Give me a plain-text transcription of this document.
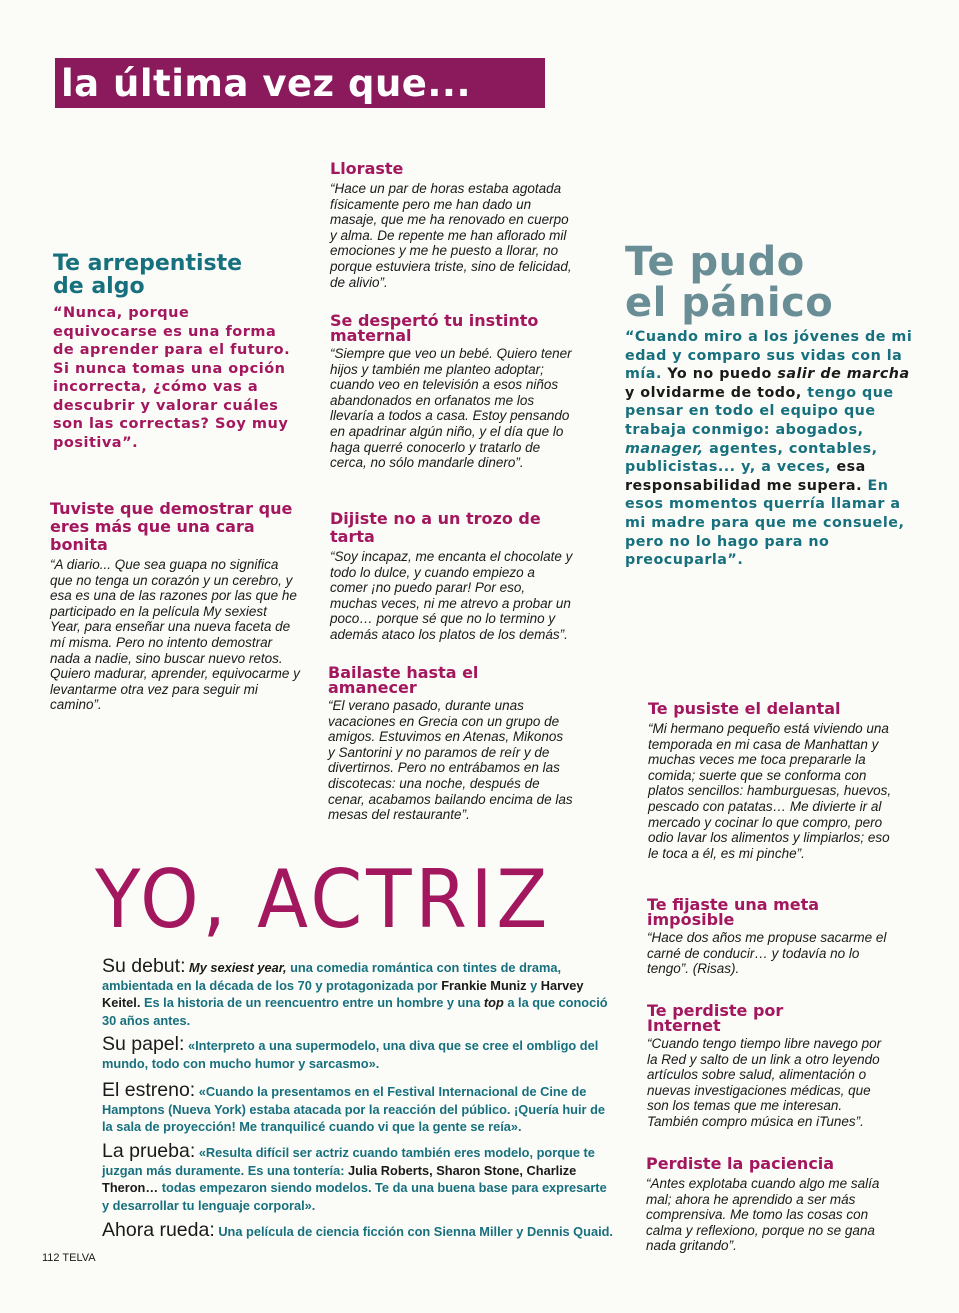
la última vez que...

Lloraste

“Hace un par de horas estaba agotada físicamente pero me han dado un masaje, que me ha renovado en cuerpo y alma. De repente me han aflorado mil emociones y me he puesto a llorar, no porque estuviera triste, sino de felicidad, de alivio”.

Te arrepentiste

de algo

“Nunca, porque equivocarse es una forma de aprender para el futuro. Si nunca tomas una opción incorrecta, ¿cómo vas a descubrir y valorar cuáles son las correctas? Soy muy positiva”.

Se despertó tu instinto maternal

“Siempre que veo un bebé. Quiero tener hijos y también me planteo adoptar; cuando veo en televisión a esos niños abandonados en orfanatos me los llevaría a todos a casa. Estoy pensando en apadrinar algún niño, y el día que lo haga querré conocerlo y tratarlo de cerca, no sólo mandarle dinero”.

Tuviste que demostrar que eres más que una cara bonita

“A diario... Que sea guapa no significa que no tenga un corazón y un cerebro, y esa es una de las razones por las que he participado en la película My sexiest Year, para enseñar una nueva faceta de mí misma. Pero no intento demostrar nada a nadie, sino buscar nuevo retos. Quiero madurar, aprender, equivocarme y levantarme otra vez para seguir mi camino”.

Dijiste no a un trozo de tarta

“Soy incapaz, me encanta el chocolate y todo lo dulce, y cuando empiezo a comer ¡no puedo parar! Por eso, muchas veces, ni me atrevo a probar un poco… porque sé que no lo termino y además ataco los platos de los demás”.

Bailaste hasta el amanecer

“El verano pasado, durante unas vacaciones en Grecia con un grupo de amigos. Estuvimos en Atenas, Mikonos y Santorini y no paramos de reír y de divertirnos. Pero no entrábamos en las discotecas: una noche, después de cenar, acabamos bailando encima de las mesas del restaurante”.

Te pudo

el pánico

“Cuando miro a los jóvenes de mi edad y comparo sus vidas con la mía. Yo no puedo salir de marcha y olvidarme de todo, tengo que pensar en todo el equipo que trabaja conmigo: abogados, manager, agentes, contables, publicistas... y, a veces, esa responsabilidad me supera. En esos momentos querría llamar a mi madre para que me consuele, pero no lo hago para no preocuparla”.

Te pusiste el delantal

“Mi hermano pequeño está viviendo una temporada en mi casa de Manhattan y muchas veces me toca prepararle la comida; suerte que se conforma con platos sencillos: hamburguesas, huevos, pescado con patatas… Me divierte ir al mercado y cocinar lo que compro, pero odio lavar los alimentos y limpiarlos; eso le toca a él, es mi pinche”.

Te fijaste una meta imposible

“Hace dos años me propuse sacarme el carné de conducir… y todavía no lo tengo”. (Risas).

Te perdiste por Internet

“Cuando tengo tiempo libre navego por la Red y salto de un link a otro leyendo artículos sobre salud, alimentación o nuevas investigaciones médicas, que son los temas que me interesan. También compro música en iTunes”.

Perdiste la paciencia

“Antes explotaba cuando algo me salía mal; ahora he aprendido a ser más comprensiva. Me tomo las cosas con calma y reflexiono, porque no se gana nada gritando”.

YO, ACTRIZ
Su debut: My sexiest year, una comedia romántica con tintes de drama, ambientada en la década de los 70 y protagonizada por Frankie Muniz y Harvey Keitel. Es la historia de un reencuentro entre un hombre y una top a la que conoció 30 años antes.
Su papel: «Interpreto a una supermodelo, una diva que se cree el ombligo del mundo, todo con mucho humor y sarcasmo».
El estreno: «Cuando la presentamos en el Festival Internacional de Cine de Hamptons (Nueva York) estaba atacada por la reacción del público. ¡Quería huir de la sala de proyección! Me tranquilicé cuando vi que la gente se reía».
La prueba: «Resulta difícil ser actriz cuando también eres modelo, porque te juzgan más duramente. Es una tontería: Julia Roberts, Sharon Stone, Charlize Theron… todas empezaron siendo modelos. Te da una buena base para expresarte y desarrollar tu lenguaje corporal».
Ahora rueda: Una película de ciencia ficción con Sienna Miller y Dennis Quaid.
112 TELVA
